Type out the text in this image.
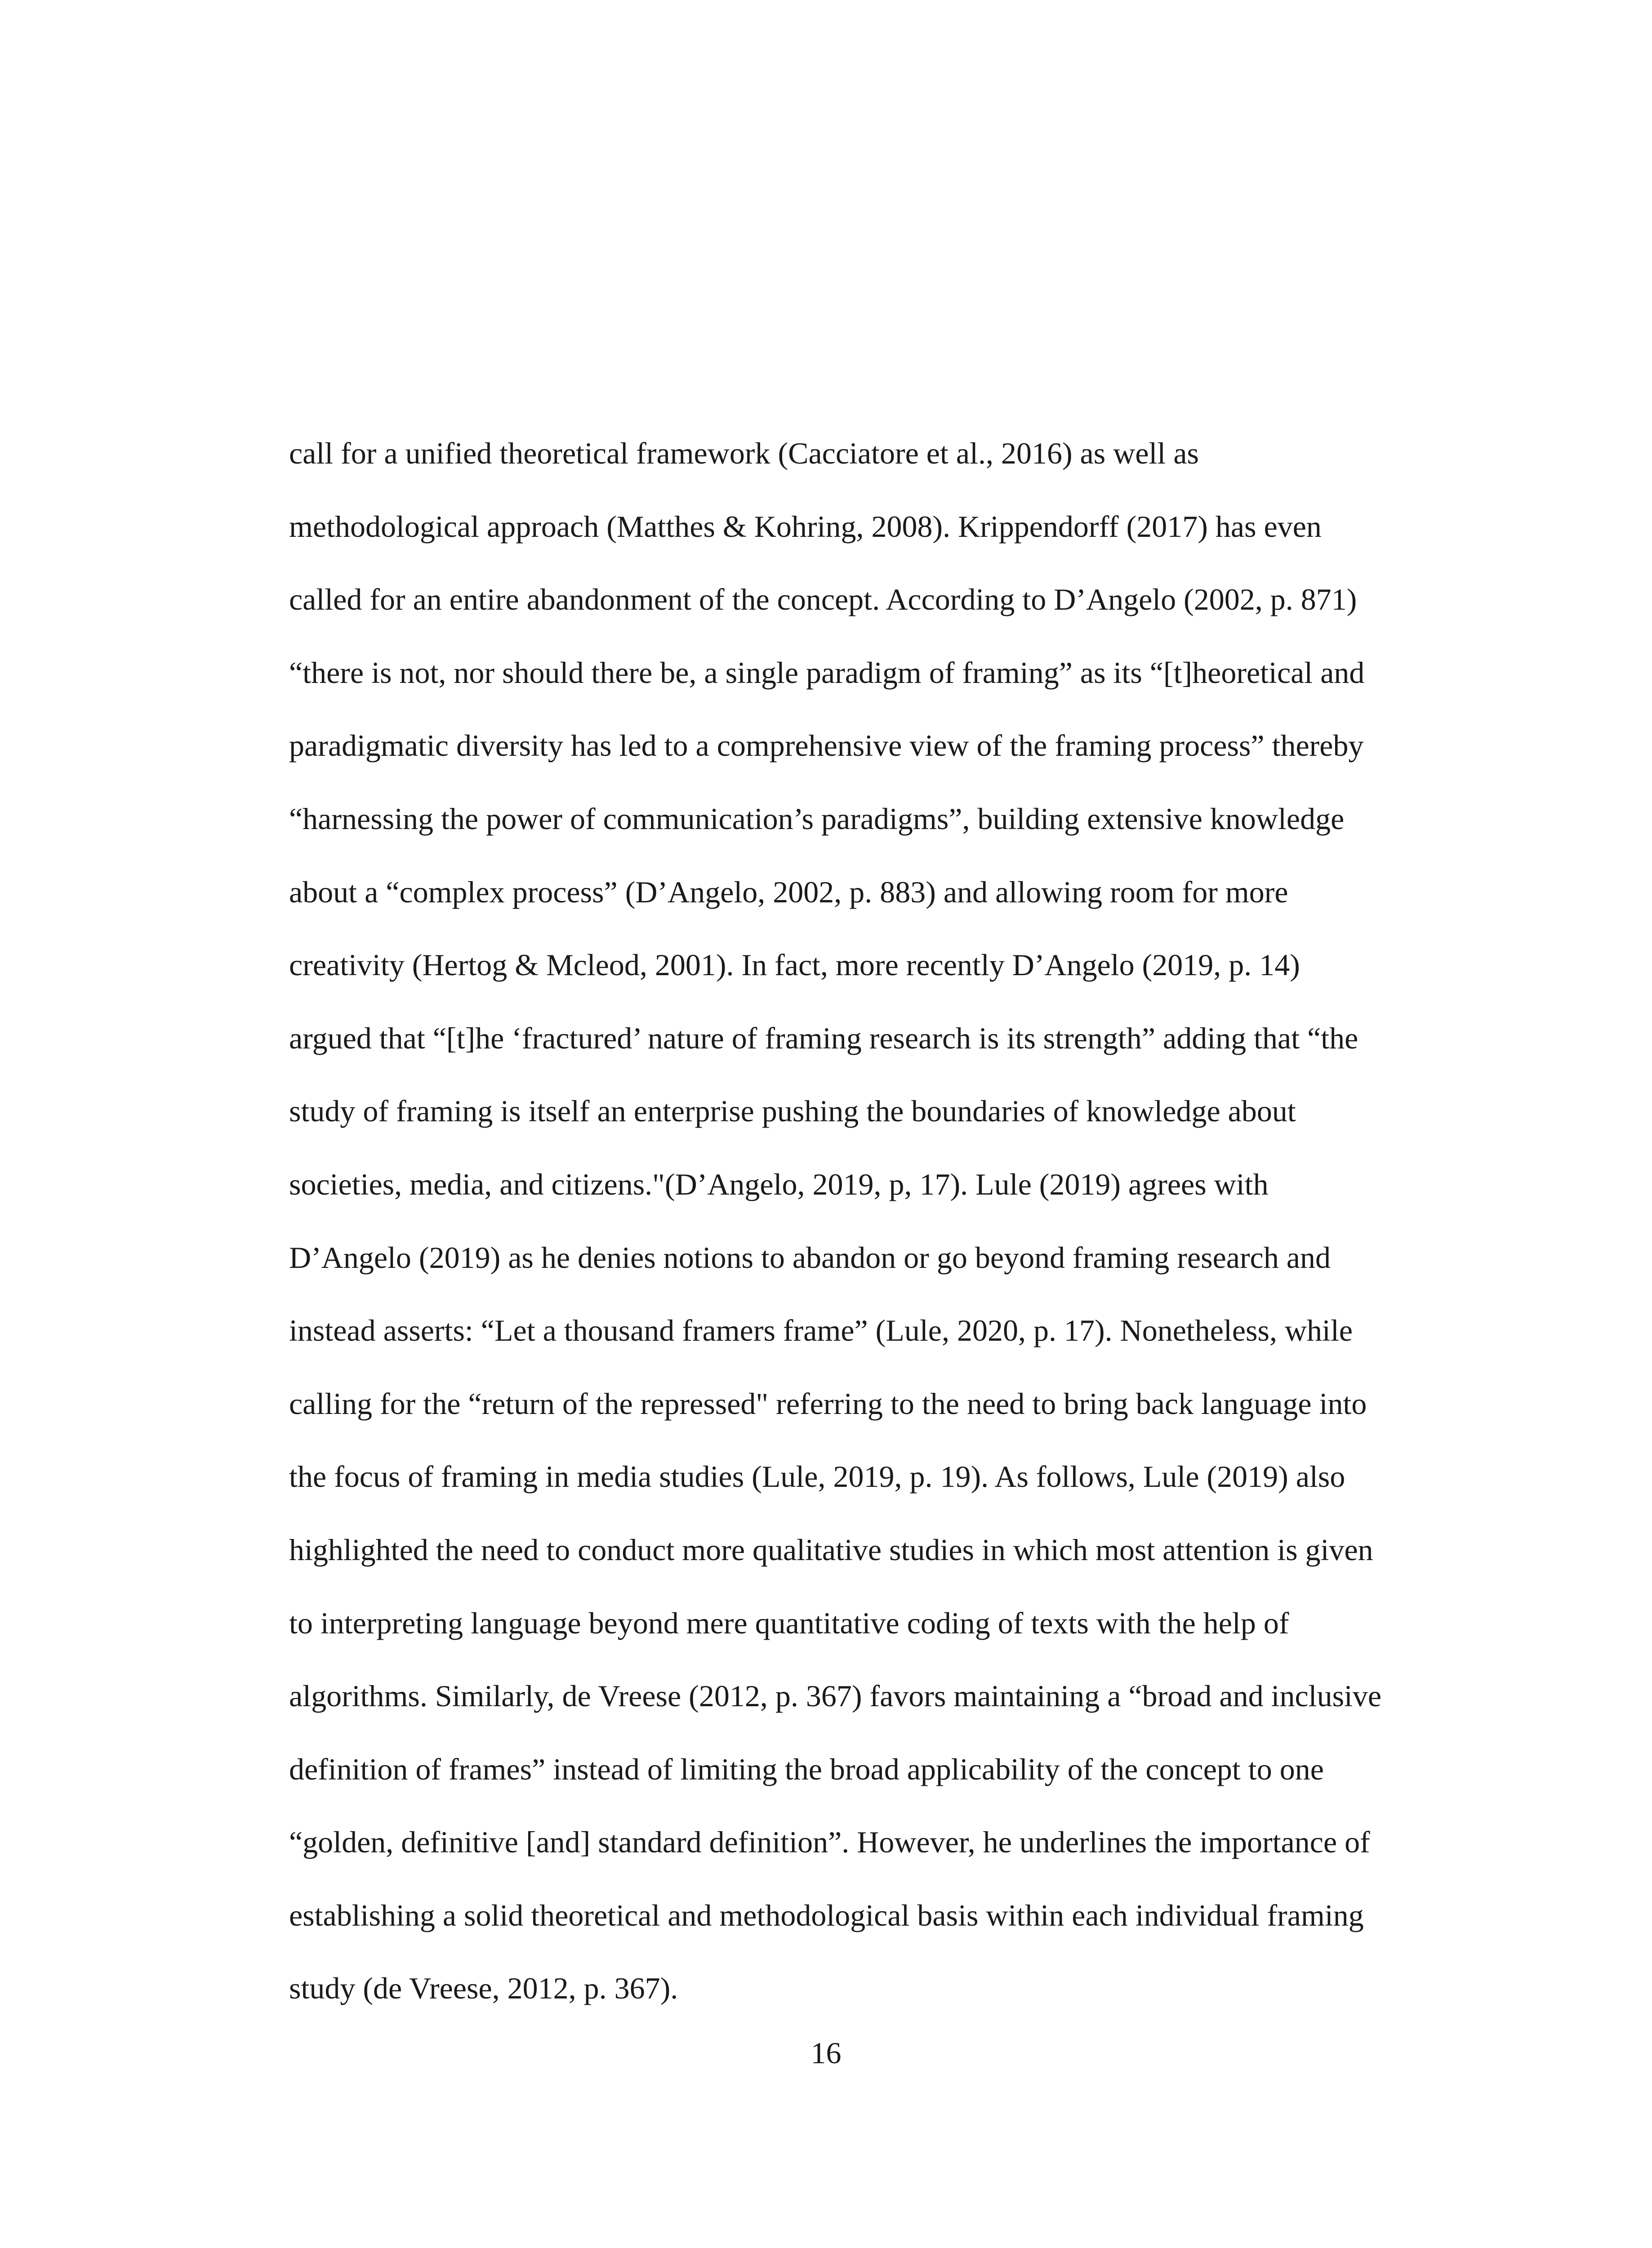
call for a unified theoretical framework (Cacciatore et al., 2016) as well as
methodological approach (Matthes & Kohring, 2008). Krippendorff (2017) has even
called for an entire abandonment of the concept. According to D’Angelo (2002, p. 871)
“there is not, nor should there be, a single paradigm of framing” as its “[t]heoretical and
paradigmatic diversity has led to a comprehensive view of the framing process” thereby
“harnessing the power of communication’s paradigms”, building extensive knowledge
about a “complex process” (D’Angelo, 2002, p. 883) and allowing room for more
creativity (Hertog & Mcleod, 2001). In fact, more recently D’Angelo (2019, p. 14)
argued that “[t]he ‘fractured’ nature of framing research is its strength” adding that “the
study of framing is itself an enterprise pushing the boundaries of knowledge about
societies, media, and citizens."(D’Angelo, 2019, p, 17). Lule (2019) agrees with
D’Angelo (2019) as he denies notions to abandon or go beyond framing research and
instead asserts: “Let a thousand framers frame” (Lule, 2020, p. 17). Nonetheless, while
calling for the “return of the repressed" referring to the need to bring back language into
the focus of framing in media studies (Lule, 2019, p. 19). As follows, Lule (2019) also
highlighted the need to conduct more qualitative studies in which most attention is given
to interpreting language beyond mere quantitative coding of texts with the help of
algorithms. Similarly, de Vreese (2012, p. 367) favors maintaining a “broad and inclusive
definition of frames” instead of limiting the broad applicability of the concept to one
“golden, definitive [and] standard definition”. However, he underlines the importance of
establishing a solid theoretical and methodological basis within each individual framing
study (de Vreese, 2012, p. 367).
16
